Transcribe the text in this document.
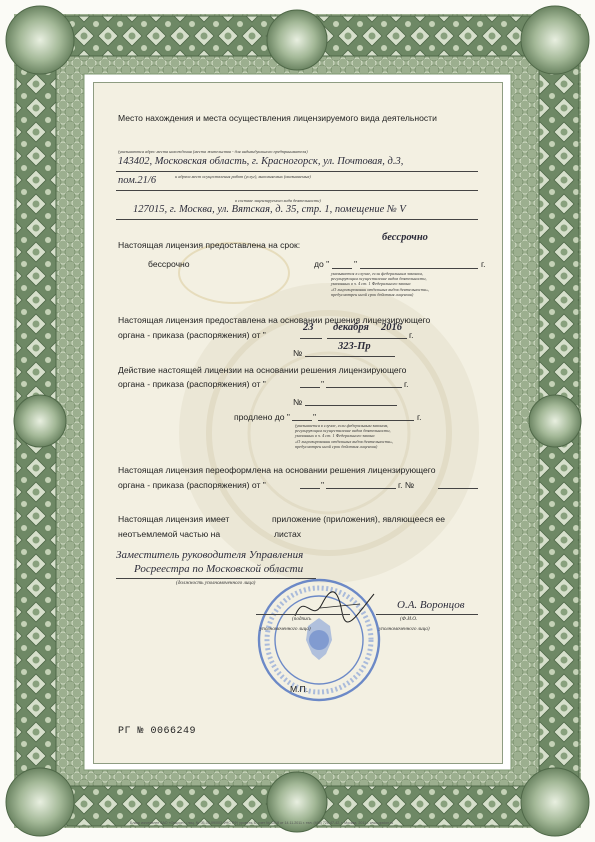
Место нахождения и места осуществления лицензируемого вида деятельности
(указываются адрес места нахождения (места жительства - для индивидуального предпринимателя)
143402, Московская область, г. Красногорск, ул. Почтовая, д.3,
пом.21/6	и адреса мест осуществления работ (услуг), выполняемых (оказываемых)
в составе лицензируемого вида деятельности)
127015, г. Москва, ул. Вятская, д. 35, стр. 1, помещение № V
Настоящая лицензия предоставлена на срок:
бессрочно
бессрочно	до "	"	г.
указывается в случае, если федеральным законом,
регулирующим осуществление видов деятельности,
указанных в ч. 4 ст. 1 Федерального закона
«О лицензировании отдельных видов деятельности»,
предусмотрен иной срок действия лицензии)
Настоящая лицензия предоставлена на основании решения лицензирующего
органа - приказа (распоряжения) от "
23 декабря 2016
г.
№
323-Пр
Действие настоящей лицензии на основании решения лицензирующего
органа - приказа (распоряжения) от "	"	г.
№
продлено до "	"	г.
(указывается в случае, если федеральным законом,
регулирующим осуществление видов деятельности,
указанных в ч. 4 ст. 1 Федерального закона
«О лицензировании отдельных видов деятельности»,
предусмотрен иной срок действия лицензии)
Настоящая лицензия переоформлена на основании решения лицензирующего
органа - приказа (распоряжения) от "	"	г. №
Настоящая лицензия имеет	приложение (приложения), являющееся ее
неотъемлемой частью на	листах
Заместитель руководителя Управления
Росреестра по Московской области
(должность уполномоченного лица)
(подпись
уполномоченного лица)
О.А. Воронцов
(Ф.И.О.
уполномоченного лица)
М.П.
РГ № 0066249
Бланк изготовлен ЗАО «Опцион» (лиц. № 05-05-09/003 ФНС РФ) уровень Б, счет № 1518 от 14.11.2011 г. тел. (495) 726-47-42, г. Москва, 2011 г. www.opcion.ru
